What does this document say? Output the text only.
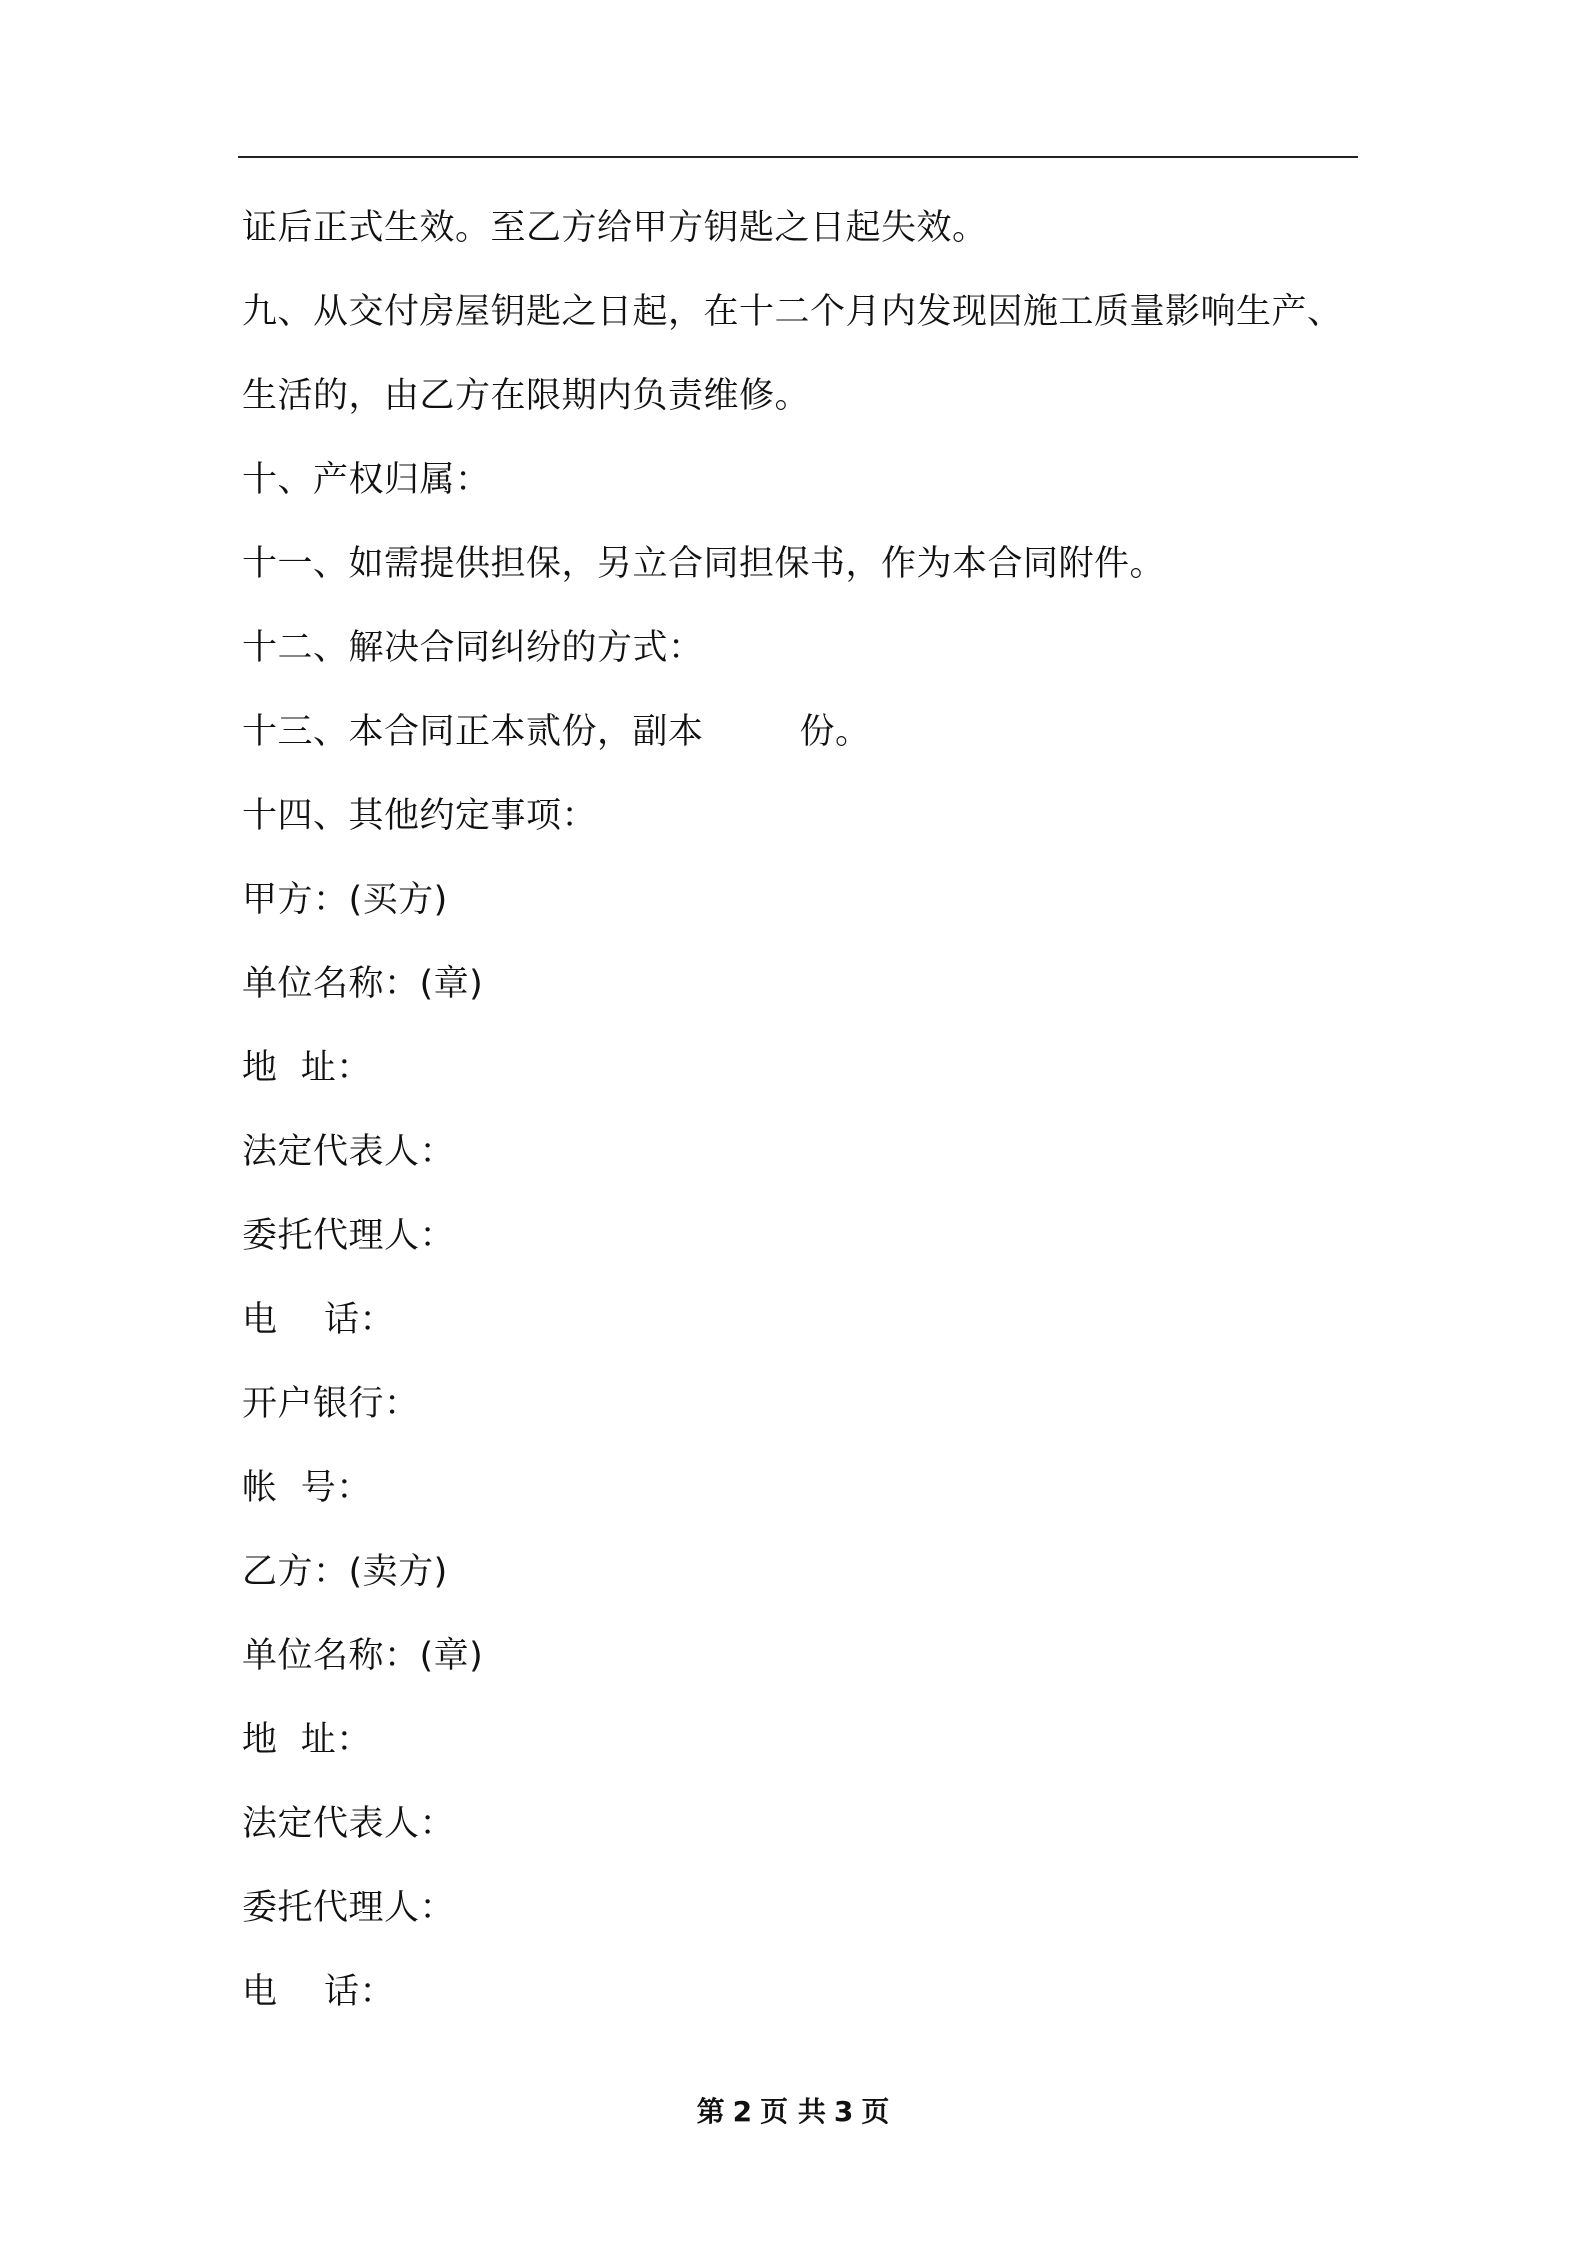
证后正式生效。至乙方给甲方钥匙之日起失效。
九、从交付房屋钥匙之日起，在十二个月内发现因施工质量影响生产、
生活的，由乙方在限期内负责维修。
十、产权归属：
十一、如需提供担保，另立合同担保书，作为本合同附件。
十二、解决合同纠纷的方式：
十三、本合同正本贰份，副本	份。
十四、其他约定事项：
甲方：(买方)
单位名称：(章)
地  址：
法定代表人：
委托代理人：
电    话：
开户银行：
帐  号：
乙方：(卖方)
单位名称：(章)
地  址：
法定代表人：
委托代理人：
电    话：
第 2 页 共 3 页
